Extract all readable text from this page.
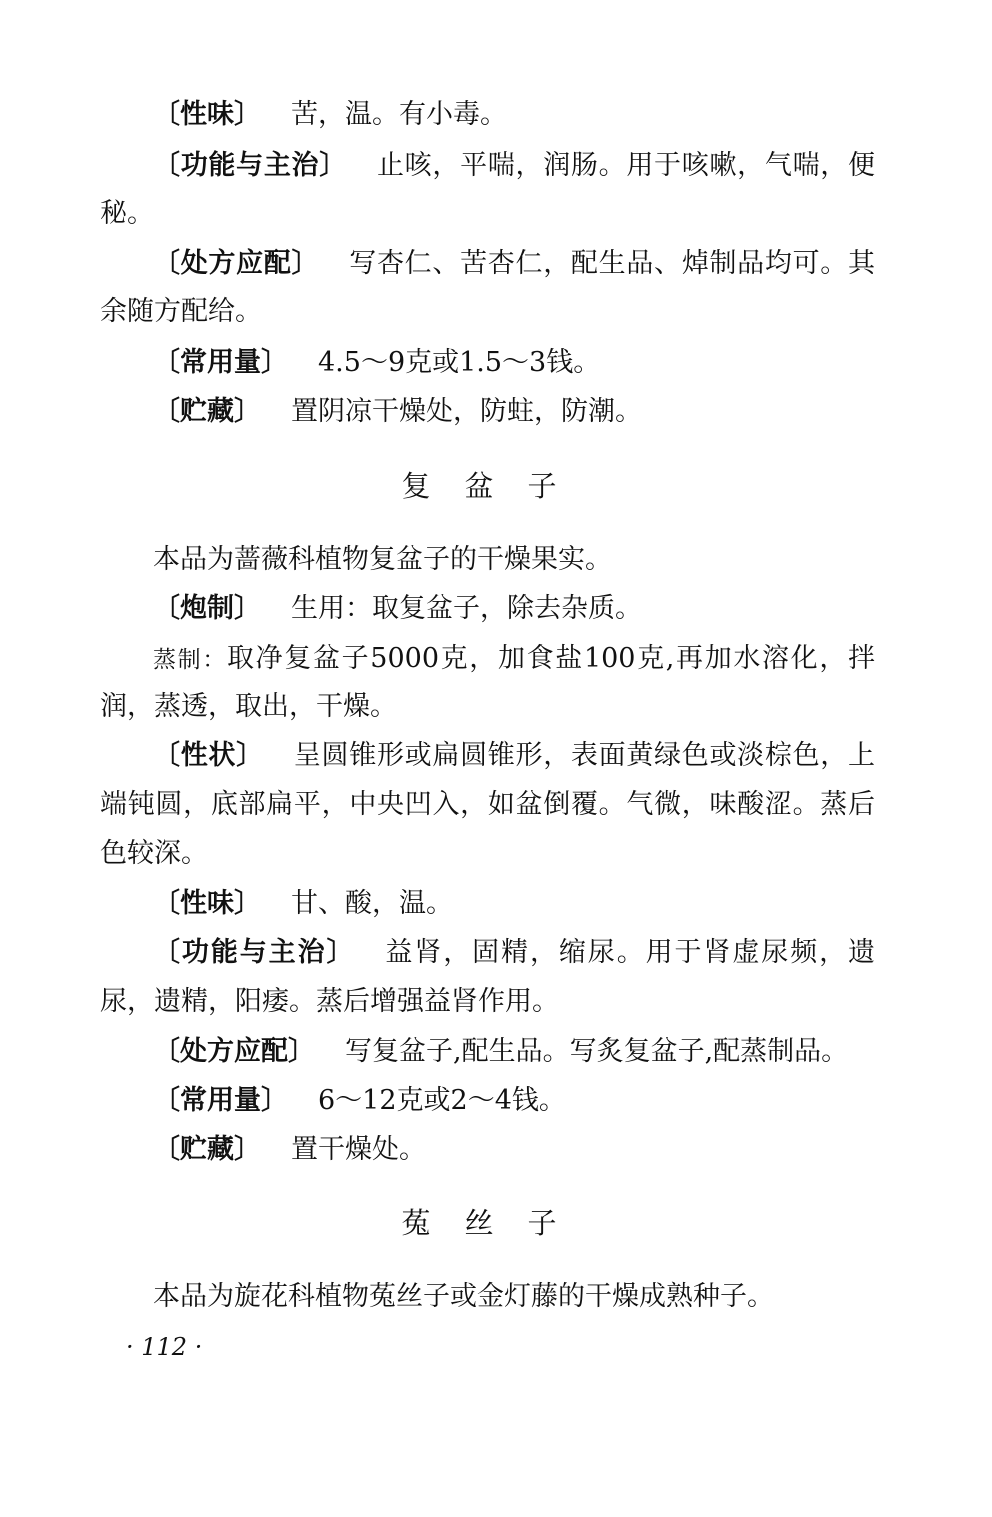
〔性味〕 苦，温。有小毒。
〔功能与主治〕 止咳，平喘，润肠。用于咳嗽，气喘，便
秘。
〔处方应配〕 写杏仁、苦杏仁，配生品、焯制品均可。其
余随方配给。
〔常用量〕 4.5～9克或1.5～3钱。
〔贮藏〕 置阴凉干燥处，防蛀，防潮。
复盆子
本品为蔷薇科植物复盆子的干燥果实。
〔炮制〕 生用：取复盆子，除去杂质。
蒸制：取净复盆子5000克，加食盐100克,再加水溶化，拌
润，蒸透，取出，干燥。
〔性状〕 呈圆锥形或扁圆锥形，表面黄绿色或淡棕色，上
端钝圆，底部扁平，中央凹入，如盆倒覆。气微，味酸涩。蒸后
色较深。
〔性味〕 甘、酸，温。
〔功能与主治〕 益肾，固精，缩尿。用于肾虚尿频，遗
尿，遗精，阳痿。蒸后增强益肾作用。
〔处方应配〕 写复盆子,配生品。写炙复盆子,配蒸制品。
〔常用量〕 6～12克或2～4钱。
〔贮藏〕 置干燥处。
菟丝子
本品为旋花科植物菟丝子或金灯藤的干燥成熟种子。
· 112 ·
